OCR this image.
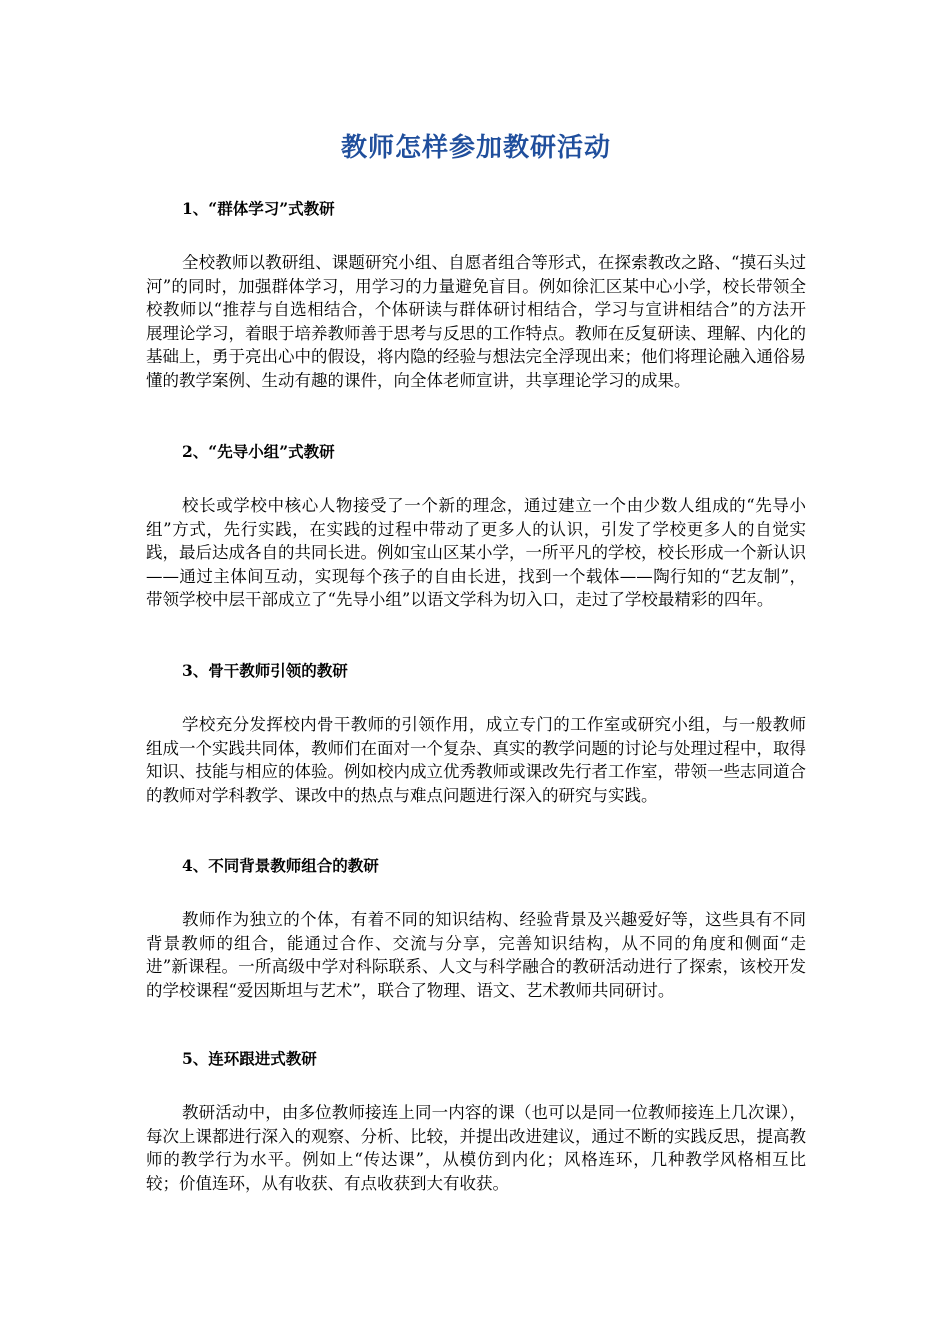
教师怎样参加教研活动

1、“群体学习”式教研

全校教师以教研组、课题研究小组、自愿者组合等形式，在探索教改之路、“摸石头过河”的同时，加强群体学习，用学习的力量避免盲目。例如徐汇区某中心小学，校长带领全校教师以“推荐与自选相结合，个体研读与群体研讨相结合，学习与宣讲相结合”的方法开展理论学习，着眼于培养教师善于思考与反思的工作特点。教师在反复研读、理解、内化的基础上，勇于亮出心中的假设，将内隐的经验与想法完全浮现出来；他们将理论融入通俗易懂的教学案例、生动有趣的课件，向全体老师宣讲，共享理论学习的成果。

2、“先导小组”式教研

校长或学校中核心人物接受了一个新的理念，通过建立一个由少数人组成的“先导小组”方式，先行实践，在实践的过程中带动了更多人的认识，引发了学校更多人的自觉实践，最后达成各自的共同长进。例如宝山区某小学，一所平凡的学校，校长形成一个新认识——通过主体间互动，实现每个孩子的自由长进，找到一个载体——陶行知的“艺友制”，带领学校中层干部成立了“先导小组”以语文学科为切入口，走过了学校最精彩的四年。

3、骨干教师引领的教研

学校充分发挥校内骨干教师的引领作用，成立专门的工作室或研究小组，与一般教师组成一个实践共同体，教师们在面对一个复杂、真实的教学问题的讨论与处理过程中，取得知识、技能与相应的体验。例如校内成立优秀教师或课改先行者工作室，带领一些志同道合的教师对学科教学、课改中的热点与难点问题进行深入的研究与实践。

4、不同背景教师组合的教研

教师作为独立的个体，有着不同的知识结构、经验背景及兴趣爱好等，这些具有不同背景教师的组合，能通过合作、交流与分享，完善知识结构，从不同的角度和侧面“走进”新课程。一所高级中学对科际联系、人文与科学融合的教研活动进行了探索，该校开发的学校课程“爱因斯坦与艺术”，联合了物理、语文、艺术教师共同研讨。

5、连环跟进式教研

教研活动中，由多位教师接连上同一内容的课（也可以是同一位教师接连上几次课），每次上课都进行深入的观察、分析、比较，并提出改进建议，通过不断的实践反思，提高教师的教学行为水平。例如上“传达课”，从模仿到内化；风格连环，几种教学风格相互比较；价值连环，从有收获、有点收获到大有收获。
